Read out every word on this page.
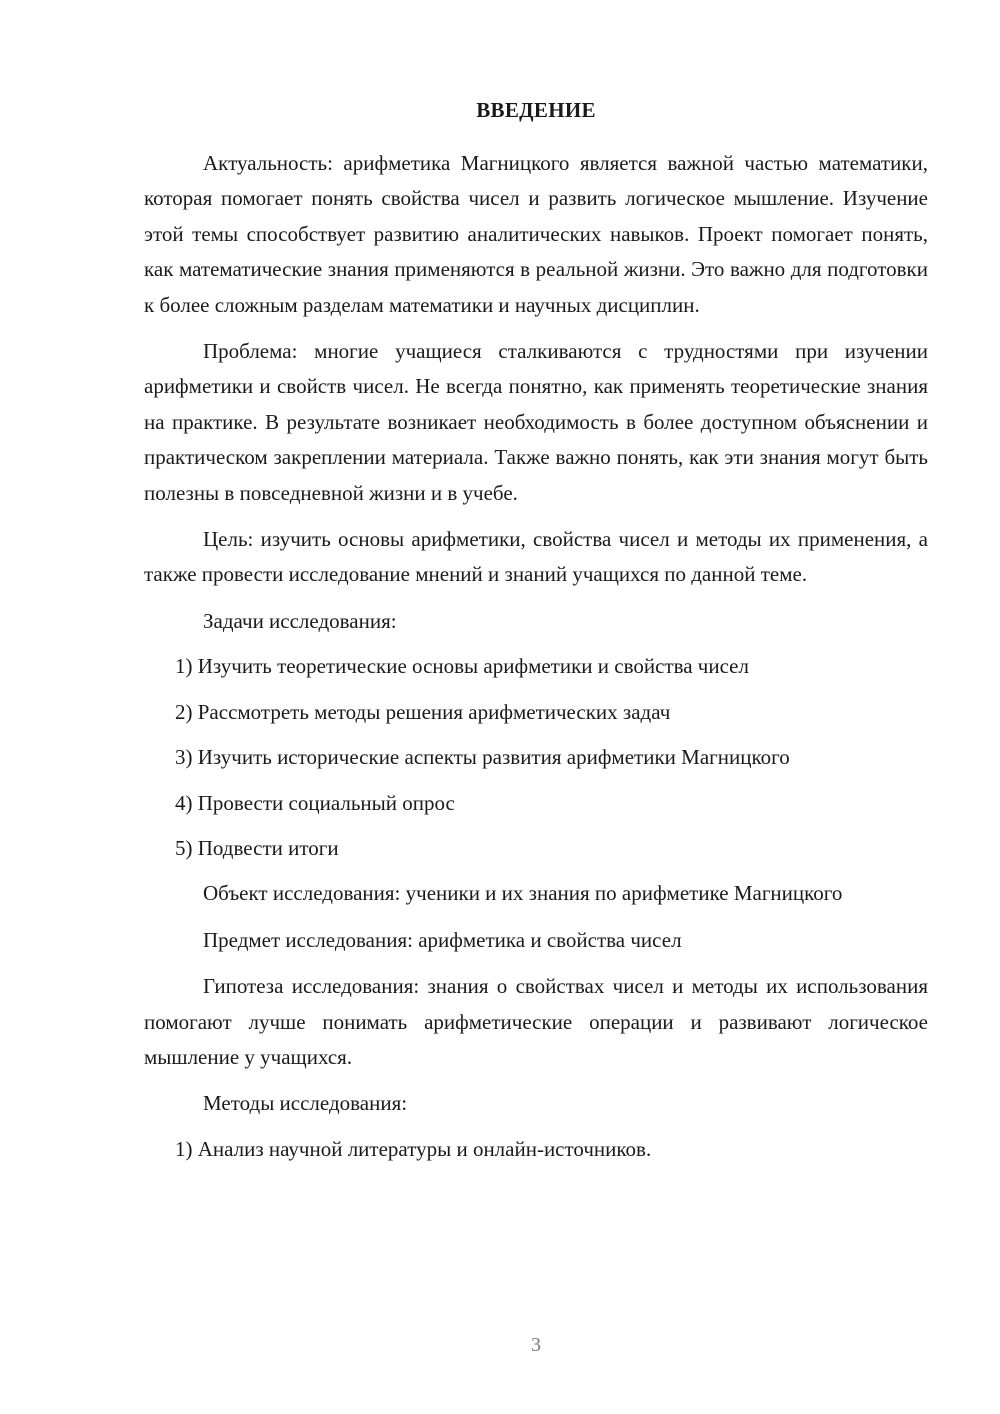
ВВЕДЕНИЕ

Актуальность: арифметика Магницкого является важной частью математики, которая помогает понять свойства чисел и развить логическое мышление. Изучение этой темы способствует развитию аналитических навыков. Проект помогает понять, как математические знания применяются в реальной жизни. Это важно для подготовки к более сложным разделам математики и научных дисциплин.

Проблема: многие учащиеся сталкиваются с трудностями при изучении арифметики и свойств чисел. Не всегда понятно, как применять теоретические знания на практике. В результате возникает необходимость в более доступном объяснении и практическом закреплении материала. Также важно понять, как эти знания могут быть полезны в повседневной жизни и в учебе.

Цель: изучить основы арифметики, свойства чисел и методы их применения, а также провести исследование мнений и знаний учащихся по данной теме.

Задачи исследования:

1) Изучить теоретические основы арифметики и свойства чисел
2) Рассмотреть методы решения арифметических задач
3) Изучить исторические аспекты развития арифметики Магницкого
4) Провести социальный опрос
5) Подвести итоги

Объект исследования: ученики и их знания по арифметике Магницкого

Предмет исследования: арифметика и свойства чисел

Гипотеза исследования: знания о свойствах чисел и методы их использования помогают лучше понимать арифметические операции и развивают логическое мышление у учащихся.

Методы исследования:

1) Анализ научной литературы и онлайн-источников.
3
